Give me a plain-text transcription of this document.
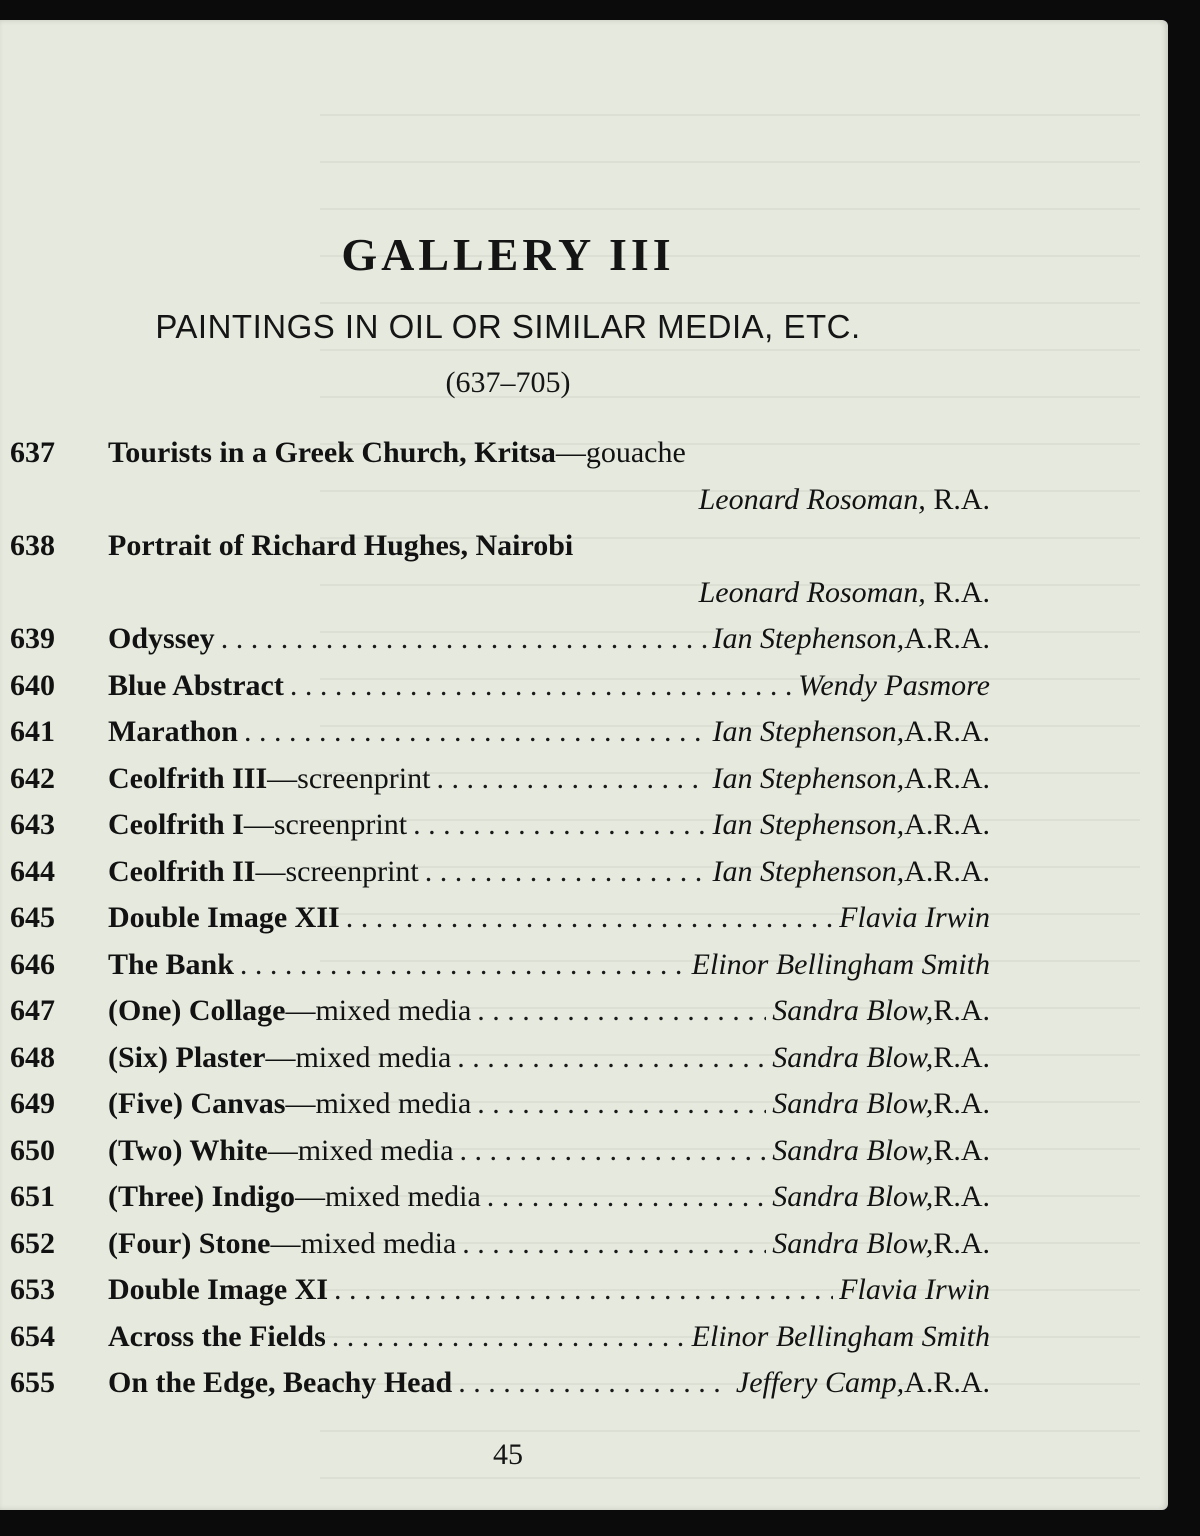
GALLERY III
PAINTINGS IN OIL OR SIMILAR MEDIA, ETC.
(637–705)
637	Tourists in a Greek Church, Kritsa —gouache
Leonard Rosoman, R.A.
638	Portrait of Richard Hughes, Nairobi
Leonard Rosoman, R.A.
639	Odyssey . . .	Ian Stephenson, A.R.A.
640	Blue Abstract . . .	Wendy Pasmore
641	Marathon . . .	Ian Stephenson, A.R.A.
642	Ceolfrith III —screenprint . . .	Ian Stephenson, A.R.A.
643	Ceolfrith I —screenprint . . .	Ian Stephenson, A.R.A.
644	Ceolfrith II —screenprint . . .	Ian Stephenson, A.R.A.
645	Double Image XII . . .	Flavia Irwin
646	The Bank . . .	Elinor Bellingham Smith
647	(One) Collage —mixed media . . .	Sandra Blow, R.A.
648	(Six) Plaster —mixed media . . .	Sandra Blow, R.A.
649	(Five) Canvas —mixed media . . .	Sandra Blow, R.A.
650	(Two) White —mixed media . . .	Sandra Blow, R.A.
651	(Three) Indigo —mixed media . . .	Sandra Blow, R.A.
652	(Four) Stone —mixed media . . .	Sandra Blow, R.A.
653	Double Image XI . . .	Flavia Irwin
654	Across the Fields . . .	Elinor Bellingham Smith
655	On the Edge, Beachy Head . . .	Jeffery Camp, A.R.A.
45
